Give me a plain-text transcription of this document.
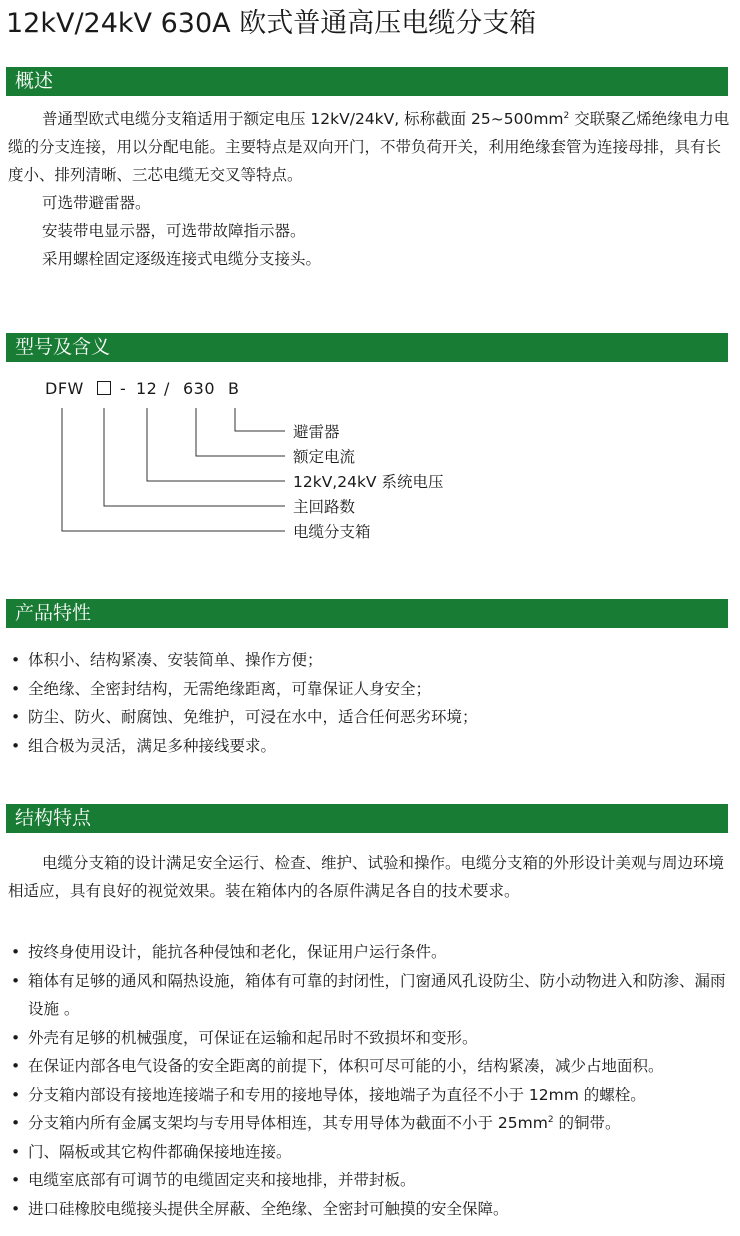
12kV/24kV 630A 欧式普通高压电缆分支箱
概述

普通型欧式电缆分支箱适用于额定电压 12kV/24kV, 标称截面 $25\sim 500mm^2$ 交联聚乙烯绝缘电力电缆的分支连接，用以分配电能。主要特点是双向开门，不带负荷开关，利用绝缘套管为连接母排，具有长度小、排列清晰、三芯电缆无交叉等特点。

可选带避雷器。

安装带电显示器，可选带故障指示器。

采用螺栓固定逐级连接式电缆分支接头。

型号及含义
DFW - 12 / 630 B
避雷器
额定电流
12kV,24kV 系统电压
主回路数
电缆分支箱
产品特性
• 体积小、结构紧凑、安装简单、操作方便；
• 全绝缘、全密封结构，无需绝缘距离，可靠保证人身安全；
• 防尘、防火、耐腐蚀、免维护，可浸在水中，适合任何恶劣环境；
• 组合极为灵活，满足多种接线要求。
结构特点

电缆分支箱的设计满足安全运行、检查、维护、试验和操作。电缆分支箱的外形设计美观与周边环境相适应，具有良好的视觉效果。装在箱体内的各原件满足各自的技术要求。

• 按终身使用设计，能抗各种侵蚀和老化，保证用户运行条件。
• 箱体有足够的通风和隔热设施，箱体有可靠的封闭性，门窗通风孔设防尘、防小动物进入和防渗、漏雨设施 。
• 外壳有足够的机械强度，可保证在运输和起吊时不致损坏和变形。
• 在保证内部各电气设备的安全距离的前提下，体积可尽可能的小，结构紧凑，减少占地面积。
• 分支箱内部设有接地连接端子和专用的接地导体，接地端子为直径不小于 12mm 的螺栓。
• 分支箱内所有金属支架均与专用导体相连，其专用导体为截面不小于 $25mm^2$ 的铜带。
• 门、隔板或其它构件都确保接地连接。
• 电缆室底部有可调节的电缆固定夹和接地排，并带封板。
• 进口硅橡胶电缆接头提供全屏蔽、全绝缘、全密封可触摸的安全保障。
